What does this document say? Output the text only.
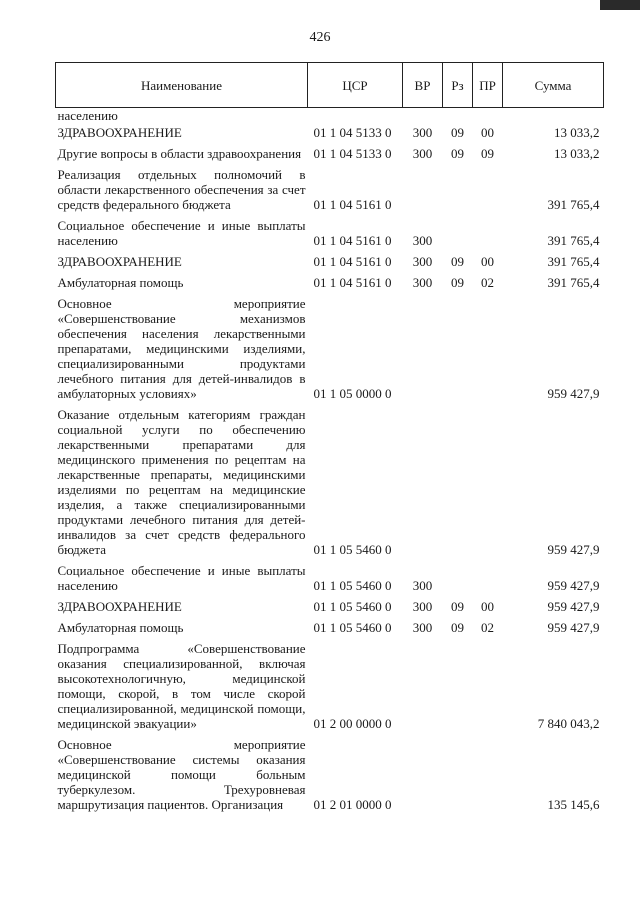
426
Наименование	ЦСР	ВР	Рз	ПР	Сумма
населению					
ЗДРАВООХРАНЕНИЕ	01 1 04 5133 0	300	09	00	13 033,2
Другие вопросы в области здравоохранения	01 1 04 5133 0	300	09	09	13 033,2
Реализация отдельных полномочий в области лекарственного обеспечения за счет средств федерального бюджета	01 1 04 5161 0				391 765,4
Социальное обеспечение и иные выплаты населению	01 1 04 5161 0	300			391 765,4
ЗДРАВООХРАНЕНИЕ	01 1 04 5161 0	300	09	00	391 765,4
Амбулаторная помощь	01 1 04 5161 0	300	09	02	391 765,4
Основное мероприятие «Совершенствование механизмов обеспечения населения лекарственными препаратами, медицинскими изделиями, специализированными продуктами лечебного питания для детей-инвалидов в амбулаторных условиях»	01 1 05 0000 0				959 427,9
Оказание отдельным категориям граждан социальной услуги по обеспечению лекарственными препаратами для медицинского применения по рецептам на лекарственные препараты, медицинскими изделиями по рецептам на медицинские изделия, а также специализированными продуктами лечебного питания для детей-инвалидов за счет средств федерального бюджета	01 1 05 5460 0				959 427,9
Социальное обеспечение и иные выплаты населению	01 1 05 5460 0	300			959 427,9
ЗДРАВООХРАНЕНИЕ	01 1 05 5460 0	300	09	00	959 427,9
Амбулаторная помощь	01 1 05 5460 0	300	09	02	959 427,9
Подпрограмма «Совершенствование оказания специализированной, включая высокотехнологичную, медицинской помощи, скорой, в том числе скорой специализированной, медицинской помощи, медицинской эвакуации»	01 2 00 0000 0				7 840 043,2
Основное мероприятие «Совершенствование системы оказания медицинской помощи больным туберкулезом. Трехуровневая маршрутизация пациентов. Организация	01 2 01 0000 0				135 145,6
